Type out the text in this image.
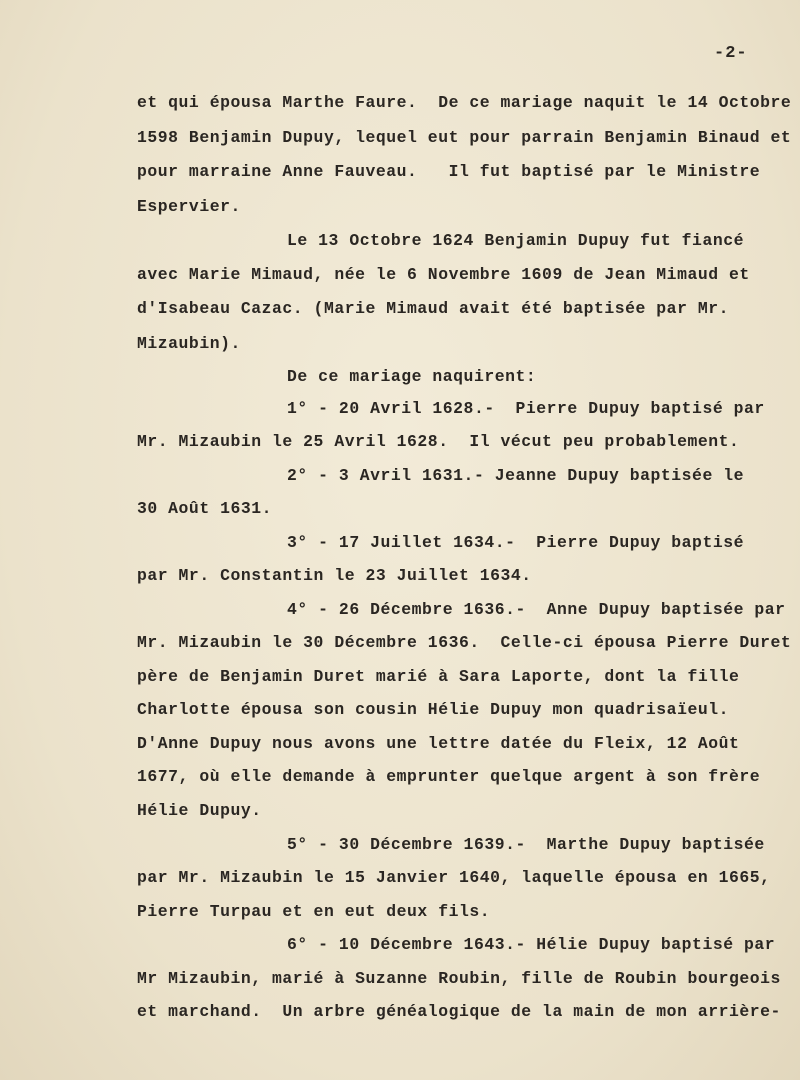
-2-
et qui épousa Marthe Faure.  De ce mariage naquit le 14 Octobre
1598 Benjamin Dupuy, lequel eut pour parrain Benjamin Binaud et
pour marraine Anne Fauveau.   Il fut baptisé par le Ministre
Espervier.
Le 13 Octobre 1624 Benjamin Dupuy fut fiancé
avec Marie Mimaud, née le 6 Novembre 1609 de Jean Mimaud et
d'Isabeau Cazac. (Marie Mimaud avait été baptisée par Mr.
Mizaubin).
De ce mariage naquirent:
1° - 20 Avril 1628.-  Pierre Dupuy baptisé par
Mr. Mizaubin le 25 Avril 1628.  Il vécut peu probablement.
2° - 3 Avril 1631.- Jeanne Dupuy baptisée le
30 Août 1631.
3° - 17 Juillet 1634.-  Pierre Dupuy baptisé
par Mr. Constantin le 23 Juillet 1634.
4° - 26 Décembre 1636.-  Anne Dupuy baptisée par
Mr. Mizaubin le 30 Décembre 1636.  Celle-ci épousa Pierre Duret
père de Benjamin Duret marié à Sara Laporte, dont la fille
Charlotte épousa son cousin Hélie Dupuy mon quadrisaïeul.
D'Anne Dupuy nous avons une lettre datée du Fleix, 12 Août
1677, où elle demande à emprunter quelque argent à son frère
Hélie Dupuy.
5° - 30 Décembre 1639.-  Marthe Dupuy baptisée
par Mr. Mizaubin le 15 Janvier 1640, laquelle épousa en 1665,
Pierre Turpau et en eut deux fils.
6° - 10 Décembre 1643.- Hélie Dupuy baptisé par
Mr Mizaubin, marié à Suzanne Roubin, fille de Roubin bourgeois
et marchand.  Un arbre généalogique de la main de mon arrière-
